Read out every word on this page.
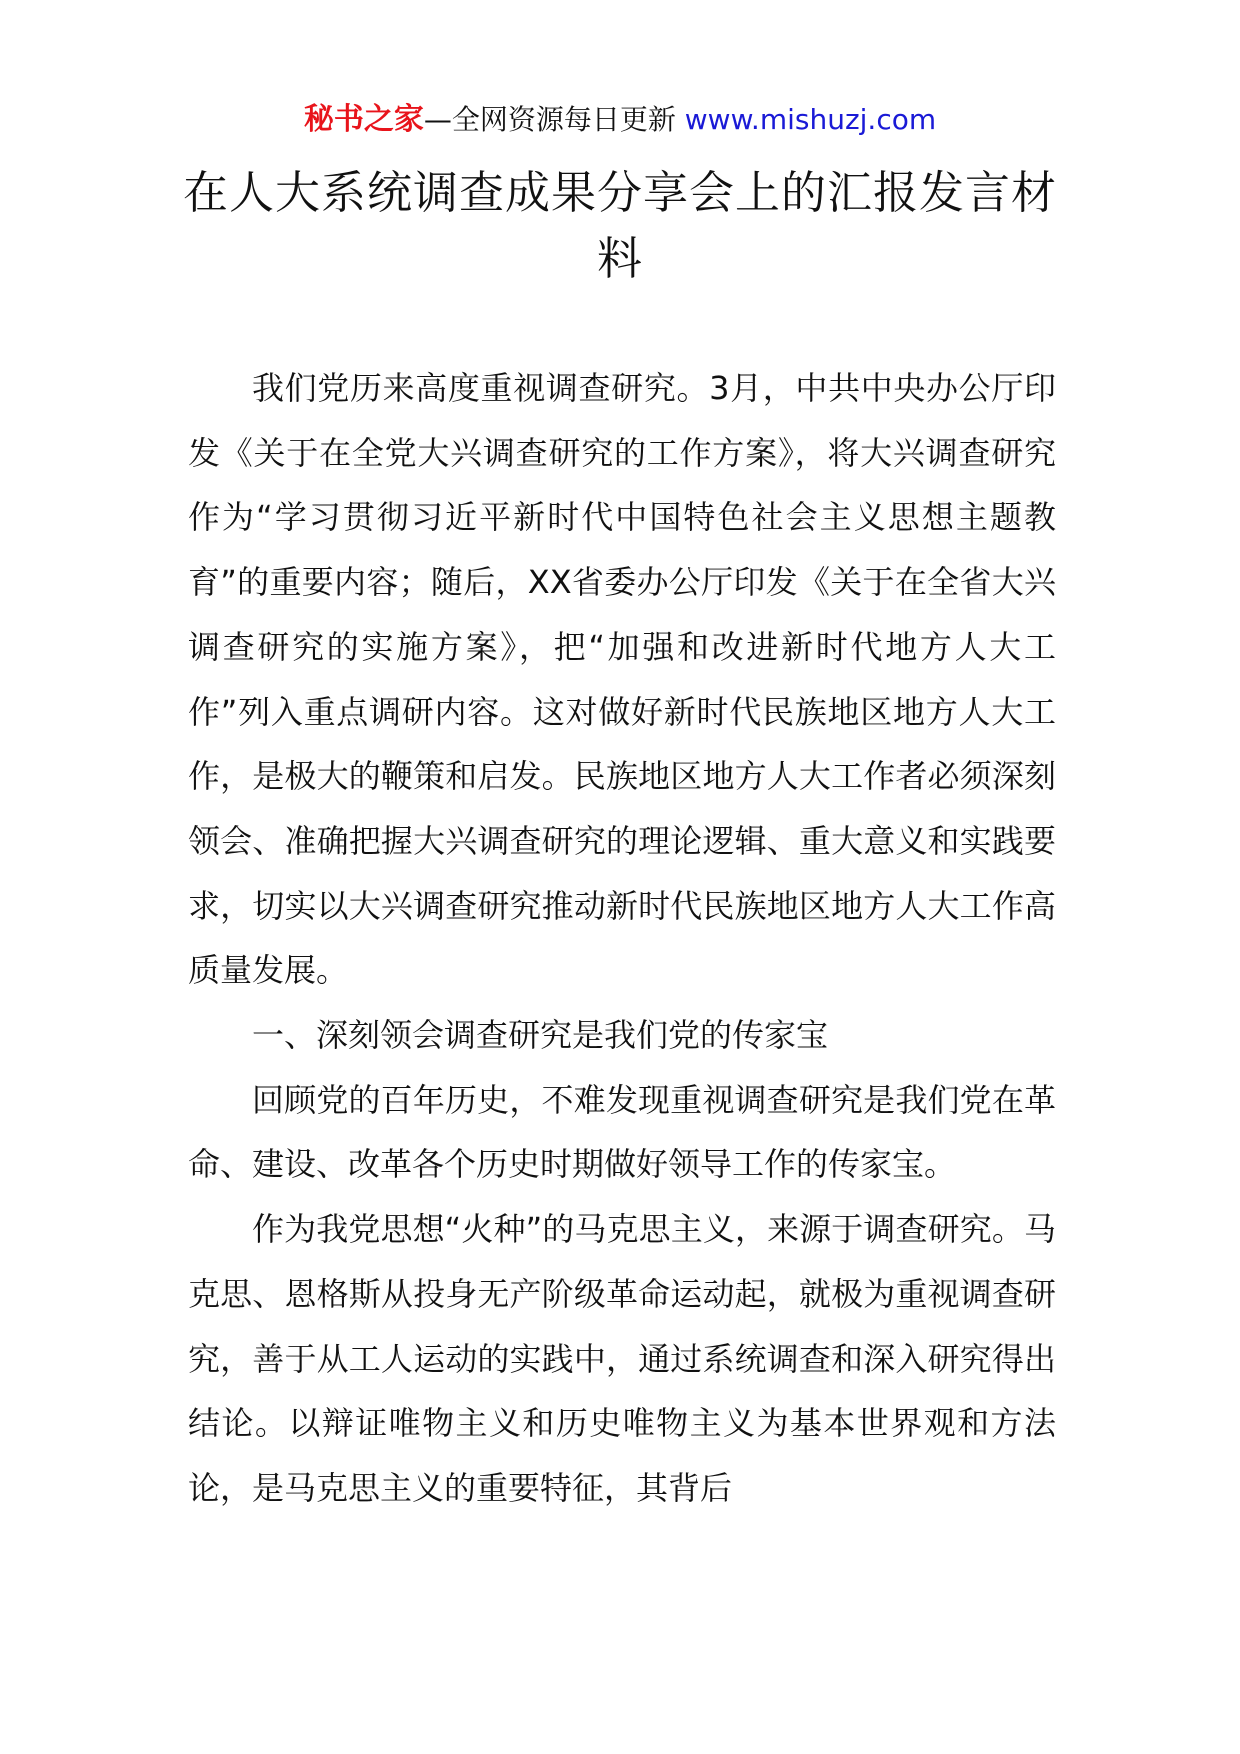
秘书之家—全网资源每日更新 www.mishuzj.com
在人大系统调查成果分享会上的汇报发言材料

我们党历来高度重视调查研究。3月，中共中央办公厅印发《关于在全党大兴调查研究的工作方案》，将大兴调查研究作为“学习贯彻习近平新时代中国特色社会主义思想主题教育”的重要内容；随后，XX省委办公厅印发《关于在全省大兴调查研究的实施方案》，把“加强和改进新时代地方人大工作”列入重点调研内容。这对做好新时代民族地区地方人大工作，是极大的鞭策和启发。民族地区地方人大工作者必须深刻领会、准确把握大兴调查研究的理论逻辑、重大意义和实践要求，切实以大兴调查研究推动新时代民族地区地方人大工作高质量发展。

一、深刻领会调查研究是我们党的传家宝

回顾党的百年历史，不难发现重视调查研究是我们党在革命、建设、改革各个历史时期做好领导工作的传家宝。

作为我党思想“火种”的马克思主义，来源于调查研究。马克思、恩格斯从投身无产阶级革命运动起，就极为重视调查研究，善于从工人运动的实践中，通过系统调查和深入研究得出结论。以辩证唯物主义和历史唯物主义为基本世界观和方法论，是马克思主义的重要特征，其背后
